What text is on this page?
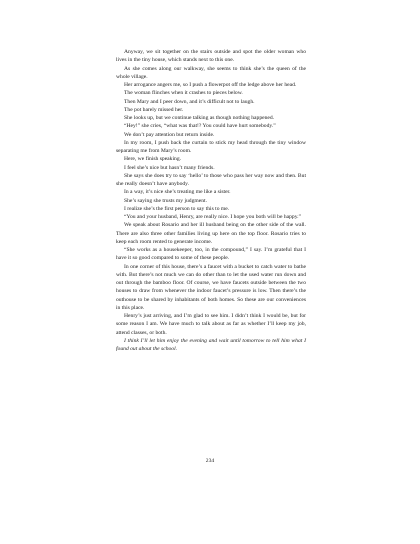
Anyway, we sit together on the stairs outside and spot the older woman who lives in the tiny house, which stands next to this one.

As she comes along our walkway, she seems to think she’s the queen of the whole village.

Her arrogance angers me, so I push a flowerpot off the ledge above her head.

The woman flinches when it crashes to pieces below.

Then Mary and I peer down, and it’s difficult not to laugh.

The pot barely missed her.

She looks up, but we continue talking as though nothing happened.

“Hey!” she cries, “what was that!? You could have hurt somebody.”

We don’t pay attention but return inside.

In my room, I push back the curtain to stick my head through the tiny window separating me from Mary’s room.

Here, we finish speaking.

I feel she’s nice but hasn’t many friends.

She says she does try to say ‘hello’ to those who pass her way now and then. But she really doesn’t have anybody.

In a way, it’s nice she’s treating me like a sister.

She’s saying she trusts my judgment.

I realize she’s the first person to say this to me.

“You and your husband, Henry, are really nice. I hope you both will be happy.”

We speak about Rosario and her ill husband being on the other side of the wall. There are also three other families living up here on the top floor. Rosario tries to keep each room rented to generate income.

“She works as a housekeeper, too, in the compound,” I say. I’m grateful that I have it so good compared to some of these people.

In one corner of this house, there’s a faucet with a bucket to catch water to bathe with. But there’s not much we can do other than to let the used water run down and out through the bamboo floor. Of course, we have faucets outside between the two houses to draw from whenever the indoor faucet’s pressure is low. Then there’s the outhouse to be shared by inhabitants of both homes. So these are our conveniences in this place.

Henry’s just arriving, and I’m glad to see him. I didn’t think I would be, but for some reason I am. We have much to talk about as far as whether I’ll keep my job, attend classes, or both.

I think I’ll let him enjoy the evening and wait until tomorrow to tell him what I found out about the school.

234
